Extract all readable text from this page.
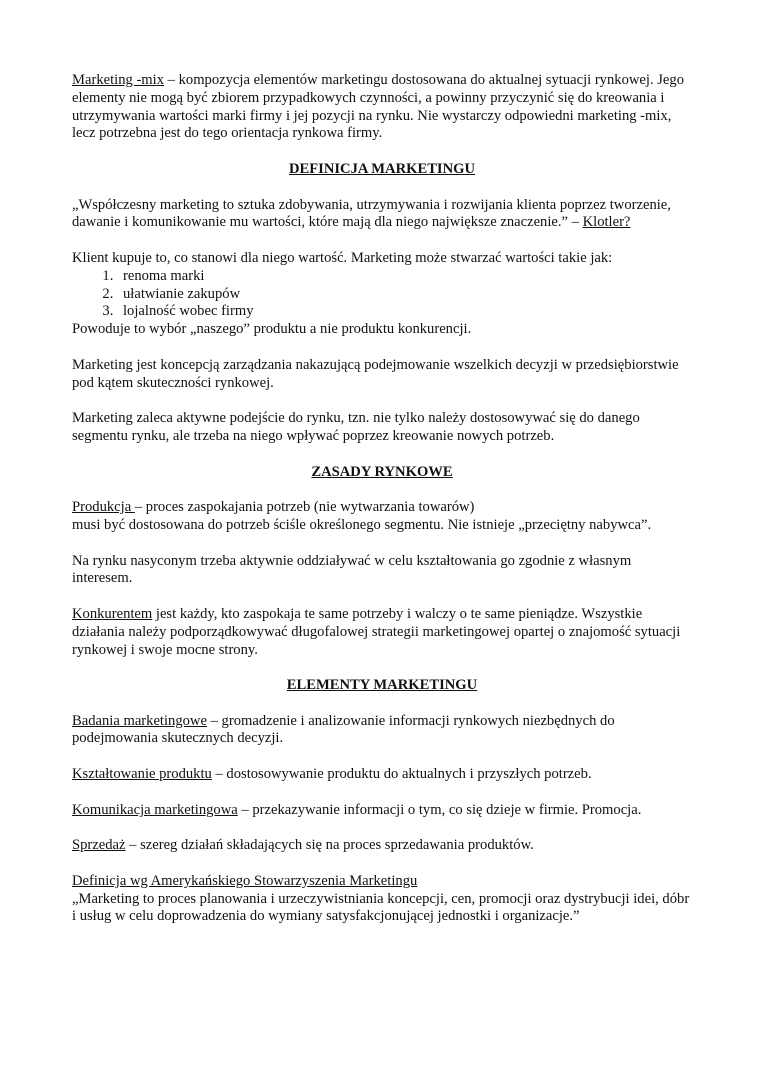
Marketing -mix – kompozycja elementów marketingu dostosowana do aktualnej sytuacji rynkowej. Jego elementy nie mogą być zbiorem przypadkowych czynności, a powinny przyczynić się do kreowania i utrzymywania wartości marki firmy i jej pozycji na rynku. Nie wystarczy odpowiedni marketing -mix, lecz potrzebna jest do tego orientacja rynkowa firmy.

DEFINICJA MARKETINGU

„Współczesny marketing to sztuka zdobywania, utrzymywania i rozwijania klienta poprzez tworzenie, dawanie i komunikowanie mu wartości, które mają dla niego największe znaczenie.” – Klotler?

Klient kupuje to, co stanowi dla niego wartość. Marketing może stwarzać wartości takie jak:

1. renoma marki
2. ułatwianie zakupów
3. lojalność wobec firmy

Powoduje to wybór „naszego” produktu a nie produktu konkurencji.

Marketing jest koncepcją zarządzania nakazującą podejmowanie wszelkich decyzji w przedsiębiorstwie pod kątem skuteczności rynkowej.

Marketing zaleca aktywne podejście do rynku, tzn. nie tylko należy dostosowywać się do danego segmentu rynku, ale trzeba na niego wpływać poprzez kreowanie nowych potrzeb.

ZASADY RYNKOWE

Produkcja – proces zaspokajania potrzeb (nie wytwarzania towarów)
musi być dostosowana do potrzeb ściśle określonego segmentu. Nie istnieje „przeciętny nabywca”.

Na rynku nasyconym trzeba aktywnie oddziaływać w celu kształtowania go zgodnie z własnym interesem.

Konkurentem jest każdy, kto zaspokaja te same potrzeby i walczy o te same pieniądze. Wszystkie działania należy podporządkowywać długofalowej strategii marketingowej opartej o znajomość sytuacji rynkowej i swoje mocne strony.

ELEMENTY MARKETINGU

Badania marketingowe – gromadzenie i analizowanie informacji rynkowych niezbędnych do podejmowania skutecznych decyzji.

Kształtowanie produktu – dostosowywanie produktu do aktualnych i przyszłych potrzeb.

Komunikacja marketingowa – przekazywanie informacji o tym, co się dzieje w firmie. Promocja.

Sprzedaż – szereg działań składających się na proces sprzedawania produktów.

Definicja wg Amerykańskiego Stowarzyszenia Marketingu

„Marketing to proces planowania i urzeczywistniania koncepcji, cen, promocji oraz dystrybucji idei, dóbr i usług w celu doprowadzenia do wymiany satysfakcjonującej jednostki i organizacje.”
